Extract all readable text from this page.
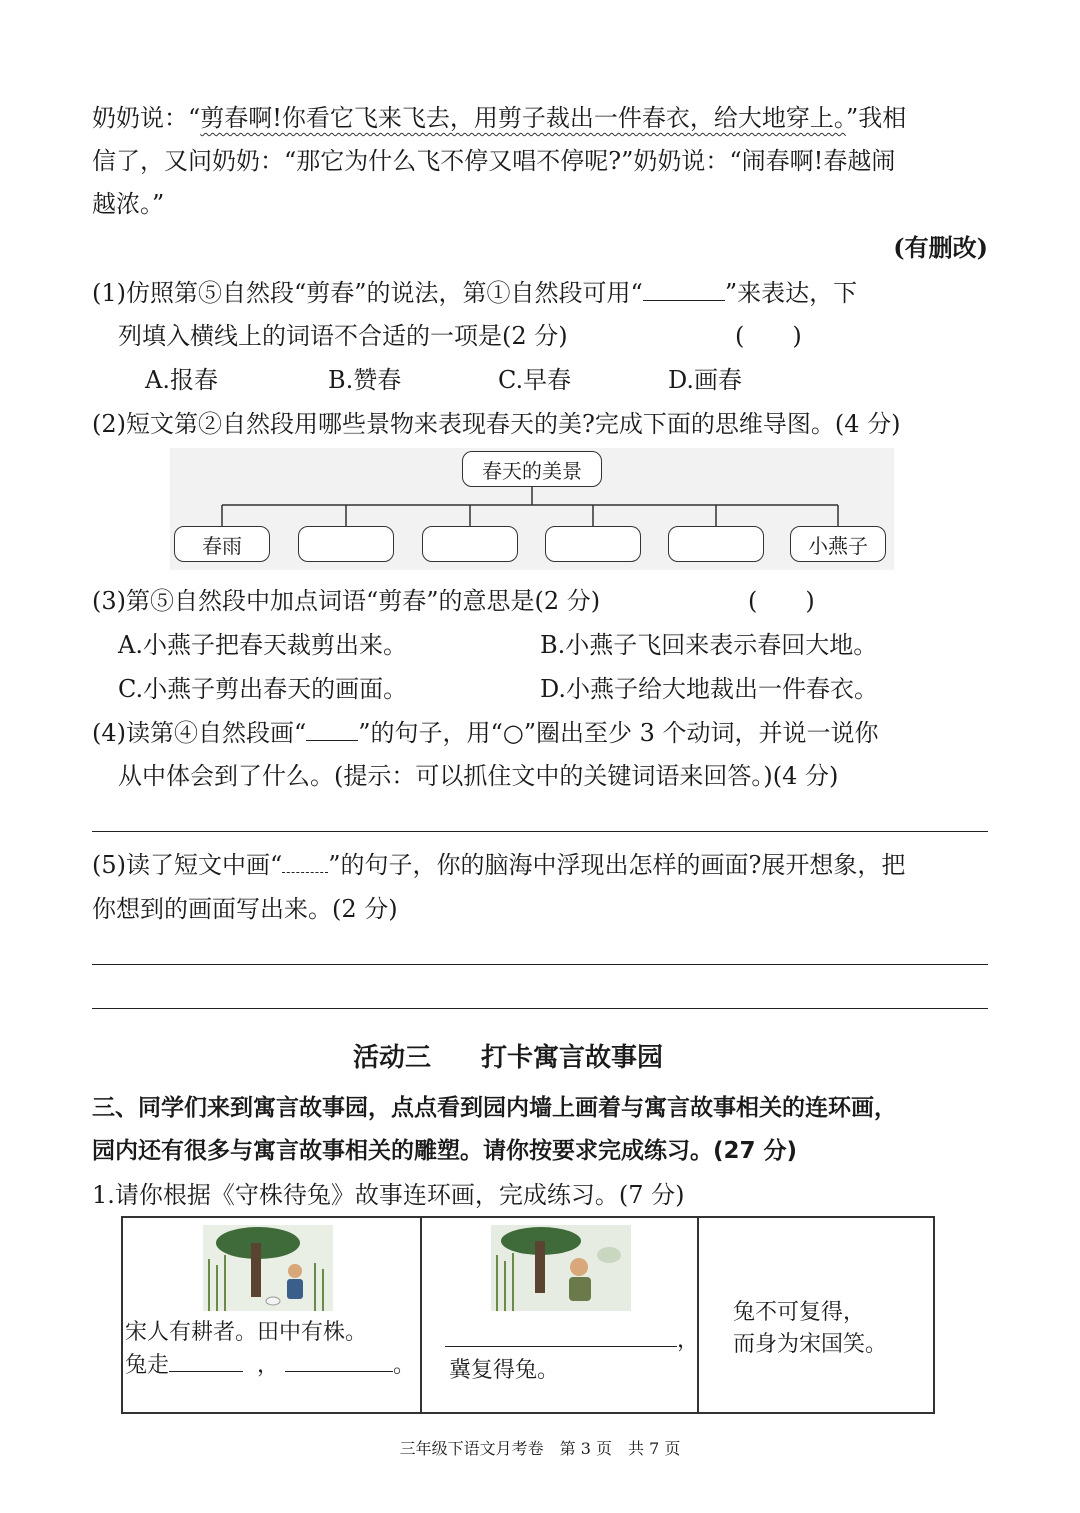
奶奶说：“剪春啊!你看它飞来飞去，用剪子裁出一件春衣，给大地穿上。”我相
信了，又问奶奶：“那它为什么飞不停又唱不停呢?”奶奶说：“闹春啊!春越闹
越浓。”
(有删改)
(1)仿照第⑤自然段“剪春”的说法，第①自然段可用“	”来表达，下
列填入横线上的词语不合适的一项是(2 分)	(　　)
A.报春	B.赞春	C.早春	D.画春
(2)短文第②自然段用哪些景物来表现春天的美?完成下面的思维导图。(4 分)
春天的美景
春雨	小燕子
(3)第⑤自然段中加点词语“剪春”的意思是(2 分)	(　　)
A.小燕子把春天裁剪出来。	B.小燕子飞回来表示春回大地。
C.小燕子剪出春天的画面。	D.小燕子给大地裁出一件春衣。
(4)读第④自然段画“ ”的句子，用“○”圈出至少 3 个动词，并说一说你
从中体会到了什么。(提示：可以抓住文中的关键词语来回答。)(4 分)
(5)读了短文中画“ ”的句子，你的脑海中浮现出怎样的画面?展开想象，把
你想到的画面写出来。(2 分)
活动三 打卡寓言故事园
三、同学们来到寓言故事园，点点看到园内墙上画着与寓言故事相关的连环画，
园内还有很多与寓言故事相关的雕塑。请你按要求完成练习。(27 分)
1.请你根据《守株待兔》故事连环画，完成练习。(7 分)
宋人有耕者。田中有株。
兔走	，	。
，
冀复得兔。
兔不可复得，
而身为宋国笑。
三年级下语文月考卷　第 3 页　共 7 页
